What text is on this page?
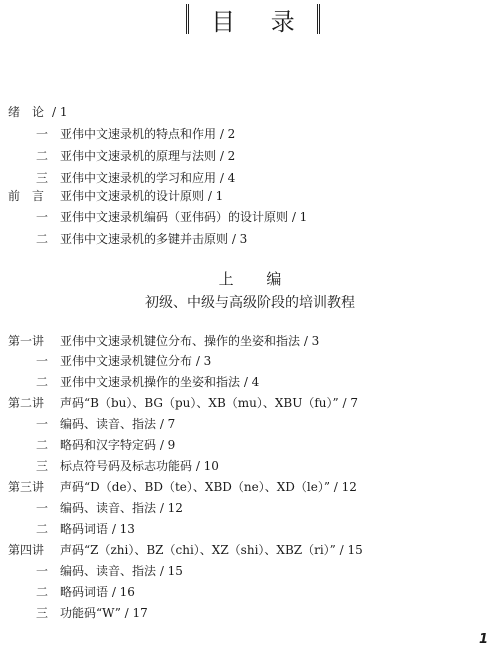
目 录
绪　论 / 1
一 亚伟中文速录机的特点和作用 / 2
二 亚伟中文速录机的原理与法则 / 2
三 亚伟中文速录机的学习和应用 / 4
前　言 亚伟中文速录机的设计原则 / 1
一 亚伟中文速录机编码（亚伟码）的设计原则 / 1
二 亚伟中文速录机的多键并击原则 / 3
上 编
初级、中级与高级阶段的培训教程
第一讲 亚伟中文速录机键位分布、操作的坐姿和指法 / 3
一 亚伟中文速录机键位分布 / 3
二 亚伟中文速录机操作的坐姿和指法 / 4
第二讲 声码“B（bu）、BG（pu）、XB（mu）、XBU（fu）” / 7
一 编码、读音、指法 / 7
二 略码和汉字特定码 / 9
三 标点符号码及标志功能码 / 10
第三讲 声码“D（de）、BD（te）、XBD（ne）、XD（le）” / 12
一 编码、读音、指法 / 12
二 略码词语 / 13
第四讲 声码“Z（zhi）、BZ（chi）、XZ（shi）、XBZ（ri）” / 15
一 编码、读音、指法 / 15
二 略码词语 / 16
三 功能码“W” / 17
1
